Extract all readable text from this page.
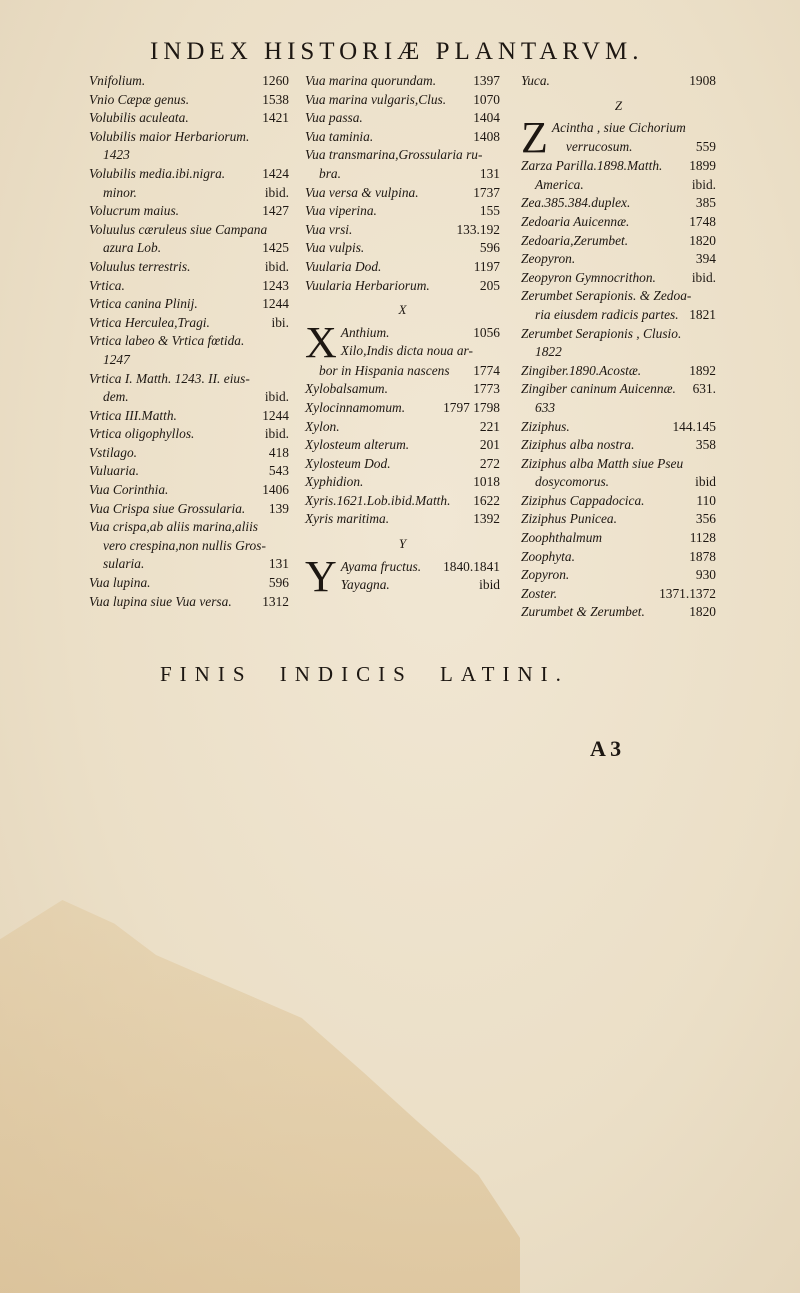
INDEX HISTORIÆ PLANTARVM.
Vnifolium.	1260
Vnio Cæpæ genus.	1538
Volubilis aculeata.	1421
Volubilis maior Herbariorum.
1423
Volubilis media.ibi.nigra.	1424
minor.	ibid.
Volucrum maius.	1427
Voluulus cæruleus siue Campana
azura Lob.	1425
Voluulus terrestris.	ibid.
Vrtica.	1243
Vrtica canina Plinij.	1244
Vrtica Herculea,Tragi.	ibi.
Vrtica labeo & Vrtica fœtida.
1247
Vrtica I. Matth. 1243. II. eius-
dem.	ibid.
Vrtica III.Matth.	1244
Vrtica oligophyllos.	ibid.
Vstilago.	418
Vuluaria.	543
Vua Corinthia.	1406
Vua Crispa siue Grossularia.	139
Vua crispa,ab aliis marina,aliis
vero crespina,non nullis Gros-
sularia.	131
Vua lupina.	596
Vua lupina siue Vua versa.	1312
Vua marina quorundam.	1397
Vua marina vulgaris,Clus.	1070
Vua passa.	1404
Vua taminia.	1408
Vua transmarina,Grossularia ru-
bra.	131
Vua versa & vulpina.	1737
Vua viperina.	155
Vua vrsi.	133.192
Vua vulpis.	596
Vuularia Dod.	1197
Vuularia Herbariorum.	205
X
X Anthium.	1056
Xilo,Indis dicta noua ar-
bor in Hispania nascens	1774
Xylobalsamum.	1773
Xylocinnamomum.	1797 1798
Xylon.	221
Xylosteum alterum.	201
Xylosteum Dod.	272
Xyphidion.	1018
Xyris.1621.Lob.ibid.Matth.	1622
Xyris maritima.	1392
Y
Y Ayama fructus.	1840.1841
Yayagna.	ibid
Yuca.	1908
Z
Z Acintha , siue Cichorium
verrucosum.	559
Zarza Parilla.1898.Matth.	1899
America.	ibid.
Zea.385.384.duplex.	385
Zedoaria Auicennæ.	1748
Zedoaria,Zerumbet.	1820
Zeopyron.	394
Zeopyron Gymnocrithon.	ibid.
Zerumbet Serapionis. & Zedoa-
ria eiusdem radicis partes. 1821
Zerumbet Serapionis , Clusio.
1822
Zingiber.1890.Acostæ.	1892
Zingiber caninum Auicennæ.	631.
633
Ziziphus.	144.145
Ziziphus alba nostra.	358
Ziziphus alba Matth siue Pseu
dosycomorus.	ibid
Ziziphus Cappadocica.	110
Ziziphus Punicea.	356
Zoophthalmum	1128
Zoophyta.	1878
Zopyron.	930
Zoster.	1371.1372
Zurumbet & Zerumbet.	1820
FINIS INDICIS LATINI.
A 3
